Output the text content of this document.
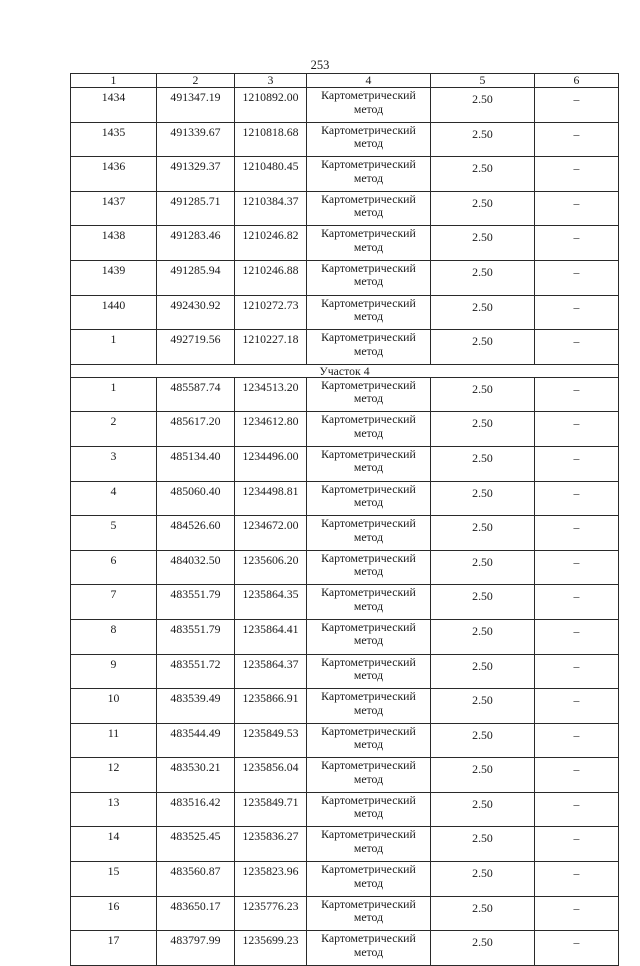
253
1	2	3	4	5	6
1434	491347.19	1210892.00	Картометрический метод	2.50	–
1435	491339.67	1210818.68	Картометрический метод	2.50	–
1436	491329.37	1210480.45	Картометрический метод	2.50	–
1437	491285.71	1210384.37	Картометрический метод	2.50	–
1438	491283.46	1210246.82	Картометрический метод	2.50	–
1439	491285.94	1210246.88	Картометрический метод	2.50	–
1440	492430.92	1210272.73	Картометрический метод	2.50	–
1	492719.56	1210227.18	Картометрический метод	2.50	–
Участок 4					
1	485587.74	1234513.20	Картометрический метод	2.50	–
2	485617.20	1234612.80	Картометрический метод	2.50	–
3	485134.40	1234496.00	Картометрический метод	2.50	–
4	485060.40	1234498.81	Картометрический метод	2.50	–
5	484526.60	1234672.00	Картометрический метод	2.50	–
6	484032.50	1235606.20	Картометрический метод	2.50	–
7	483551.79	1235864.35	Картометрический метод	2.50	–
8	483551.79	1235864.41	Картометрический метод	2.50	–
9	483551.72	1235864.37	Картометрический метод	2.50	–
10	483539.49	1235866.91	Картометрический метод	2.50	–
11	483544.49	1235849.53	Картометрический метод	2.50	–
12	483530.21	1235856.04	Картометрический метод	2.50	–
13	483516.42	1235849.71	Картометрический метод	2.50	–
14	483525.45	1235836.27	Картометрический метод	2.50	–
15	483560.87	1235823.96	Картометрический метод	2.50	–
16	483650.17	1235776.23	Картометрический метод	2.50	–
17	483797.99	1235699.23	Картометрический метод	2.50	–
